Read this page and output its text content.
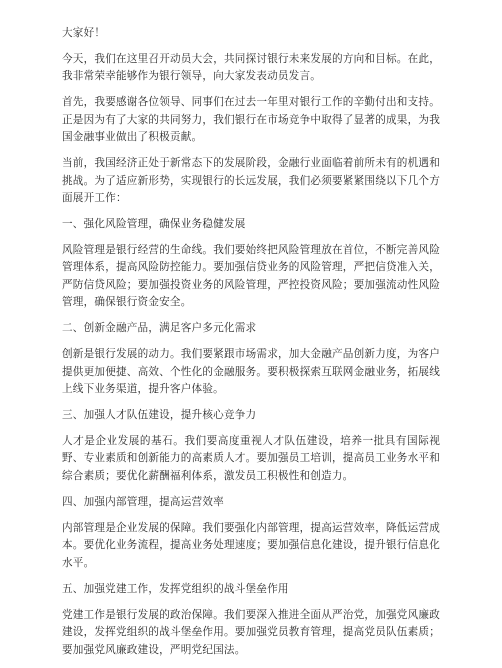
大家好！

今天，我们在这里召开动员大会，共同探讨银行未来发展的方向和目标。在此，我非常荣幸能够作为银行领导，向大家发表动员发言。

首先，我要感谢各位领导、同事们在过去一年里对银行工作的辛勤付出和支持。正是因为有了大家的共同努力，我们银行在市场竞争中取得了显著的成果，为我国金融事业做出了积极贡献。

当前，我国经济正处于新常态下的发展阶段，金融行业面临着前所未有的机遇和挑战。为了适应新形势，实现银行的长远发展，我们必须要紧紧围绕以下几个方面展开工作：

一、强化风险管理，确保业务稳健发展

风险管理是银行经营的生命线。我们要始终把风险管理放在首位，不断完善风险管理体系，提高风险防控能力。要加强信贷业务的风险管理，严把信贷准入关，严防信贷风险；要加强投资业务的风险管理，严控投资风险；要加强流动性风险管理，确保银行资金安全。

二、创新金融产品，满足客户多元化需求

创新是银行发展的动力。我们要紧跟市场需求，加大金融产品创新力度，为客户提供更加便捷、高效、个性化的金融服务。要积极探索互联网金融业务，拓展线上线下业务渠道，提升客户体验。

三、加强人才队伍建设，提升核心竞争力

人才是企业发展的基石。我们要高度重视人才队伍建设，培养一批具有国际视野、专业素质和创新能力的高素质人才。要加强员工培训，提高员工业务水平和综合素质；要优化薪酬福利体系，激发员工积极性和创造力。

四、加强内部管理，提高运营效率

内部管理是企业发展的保障。我们要强化内部管理，提高运营效率，降低运营成本。要优化业务流程，提高业务处理速度；要加强信息化建设，提升银行信息化水平。

五、加强党建工作，发挥党组织的战斗堡垒作用

党建工作是银行发展的政治保障。我们要深入推进全面从严治党，加强党风廉政建设，发挥党组织的战斗堡垒作用。要加强党员教育管理，提高党员队伍素质；要加强党风廉政建设，严明党纪国法。
